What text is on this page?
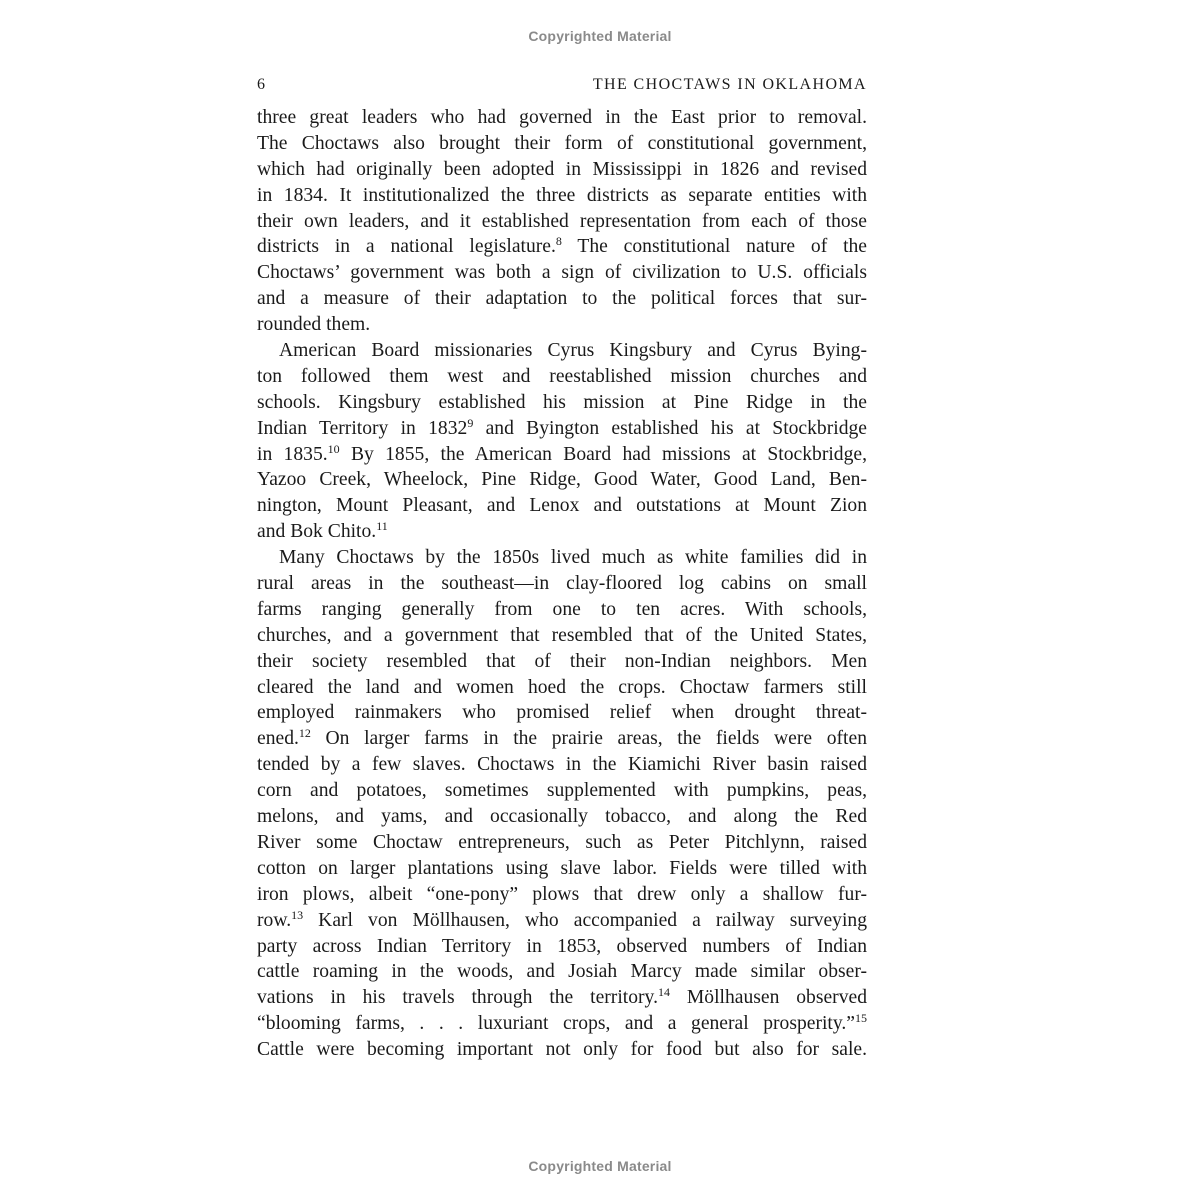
Copyrighted Material
6	THE CHOCTAWS IN OKLAHOMA
three great leaders who had governed in the East prior to removal.
The Choctaws also brought their form of constitutional government,
which had originally been adopted in Mississippi in 1826 and revised
in 1834. It institutionalized the three districts as separate entities with
their own leaders, and it established representation from each of those
districts in a national legislature.$^8$ The constitutional nature of the
Choctaws’ government was both a sign of civilization to U.S. officials
and a measure of their adaptation to the political forces that sur-
rounded them.
American Board missionaries Cyrus Kingsbury and Cyrus Bying-
ton followed them west and reestablished mission churches and
schools. Kingsbury established his mission at Pine Ridge in the
Indian Territory in 1832$^9$ and Byington established his at Stockbridge
in 1835.10 By 1855, the American Board had missions at Stockbridge,
Yazoo Creek, Wheelock, Pine Ridge, Good Water, Good Land, Ben-
nington, Mount Pleasant, and Lenox and outstations at Mount Zion
and Bok Chito.$^{11}$
Many Choctaws by the 1850s lived much as white families did in
rural areas in the southeast—in clay-floored log cabins on small
farms ranging generally from one to ten acres. With schools,
churches, and a government that resembled that of the United States,
their society resembled that of their non-Indian neighbors. Men
cleared the land and women hoed the crops. Choctaw farmers still
employed rainmakers who promised relief when drought threat-
ened.$^{12}$ On larger farms in the prairie areas, the fields were often
tended by a few slaves. Choctaws in the Kiamichi River basin raised
corn and potatoes, sometimes supplemented with pumpkins, peas,
melons, and yams, and occasionally tobacco, and along the Red
River some Choctaw entrepreneurs, such as Peter Pitchlynn, raised
cotton on larger plantations using slave labor. Fields were tilled with
iron plows, albeit “one-pony” plows that drew only a shallow fur-
row.$^{13}$ Karl von Möllhausen, who accompanied a railway surveying
party across Indian Territory in 1853, observed numbers of Indian
cattle roaming in the woods, and Josiah Marcy made similar obser-
vations in his travels through the territory.$^{14}$ Möllhausen observed
“blooming farms, . . . luxuriant crops, and a general prosperity.”$^{15}$
Cattle were becoming important not only for food but also for sale.
Copyrighted Material
